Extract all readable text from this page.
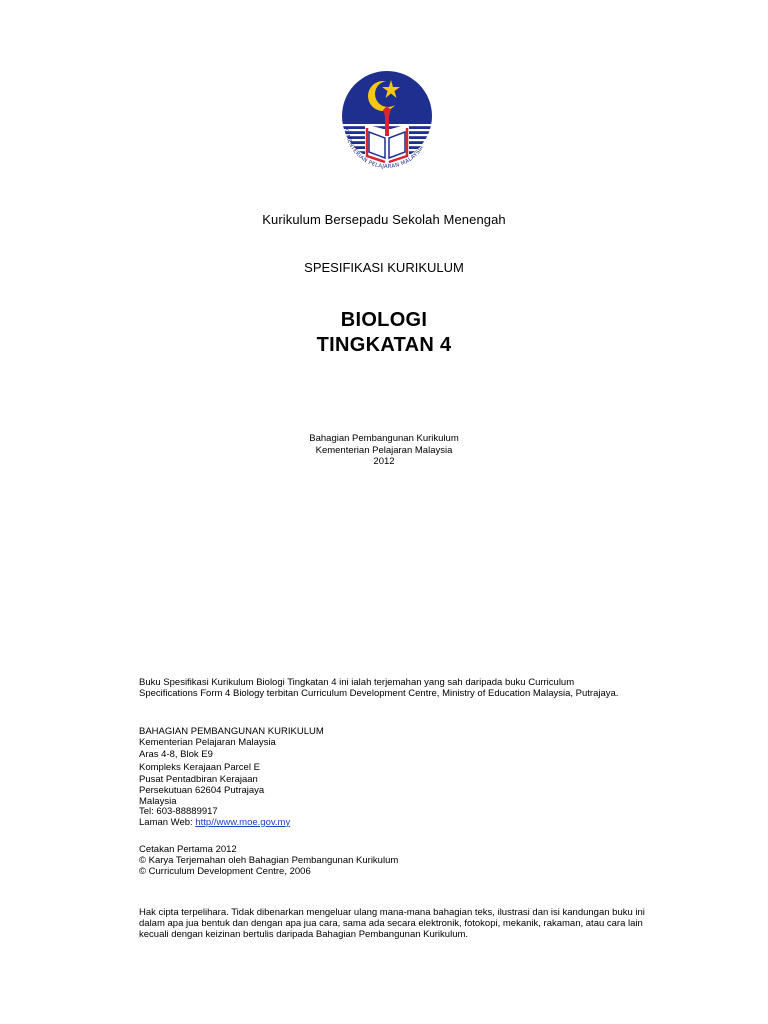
KEMENTERIAN PELAJARAN MALAYSIA
Kurikulum Bersepadu Sekolah Menengah
SPESIFIKASI KURIKULUM
BIOLOGI
TINGKATAN 4
Bahagian Pembangunan Kurikulum
Kementerian Pelajaran Malaysia
2012
Buku Spesifikasi Kurikulum Biologi Tingkatan 4 ini ialah terjemahan yang sah daripada buku Curriculum
Specifications Form 4 Biology terbitan Curriculum Development Centre, Ministry of Education Malaysia, Putrajaya.
BAHAGIAN PEMBANGUNAN KURIKULUM
Kementerian Pelajaran Malaysia
Aras 4-8, Blok E9
Kompleks Kerajaan Parcel E
Pusat Pentadbiran Kerajaan
Persekutuan 62604 Putrajaya
Malaysia
Tel: 603-88889917
Laman Web: http//www.moe.gov.my
Cetakan Pertama 2012
© Karya Terjemahan oleh Bahagian Pembangunan Kurikulum
© Curriculum Development Centre, 2006
Hak cipta terpelihara. Tidak dibenarkan mengeluar ulang mana-mana bahagian teks, ilustrasi dan isi kandungan buku ini
dalam apa jua bentuk dan dengan apa jua cara, sama ada secara elektronik, fotokopi, mekanik, rakaman, atau cara lain
kecuali dengan keizinan bertulis daripada Bahagian Pembangunan Kurikulum.
